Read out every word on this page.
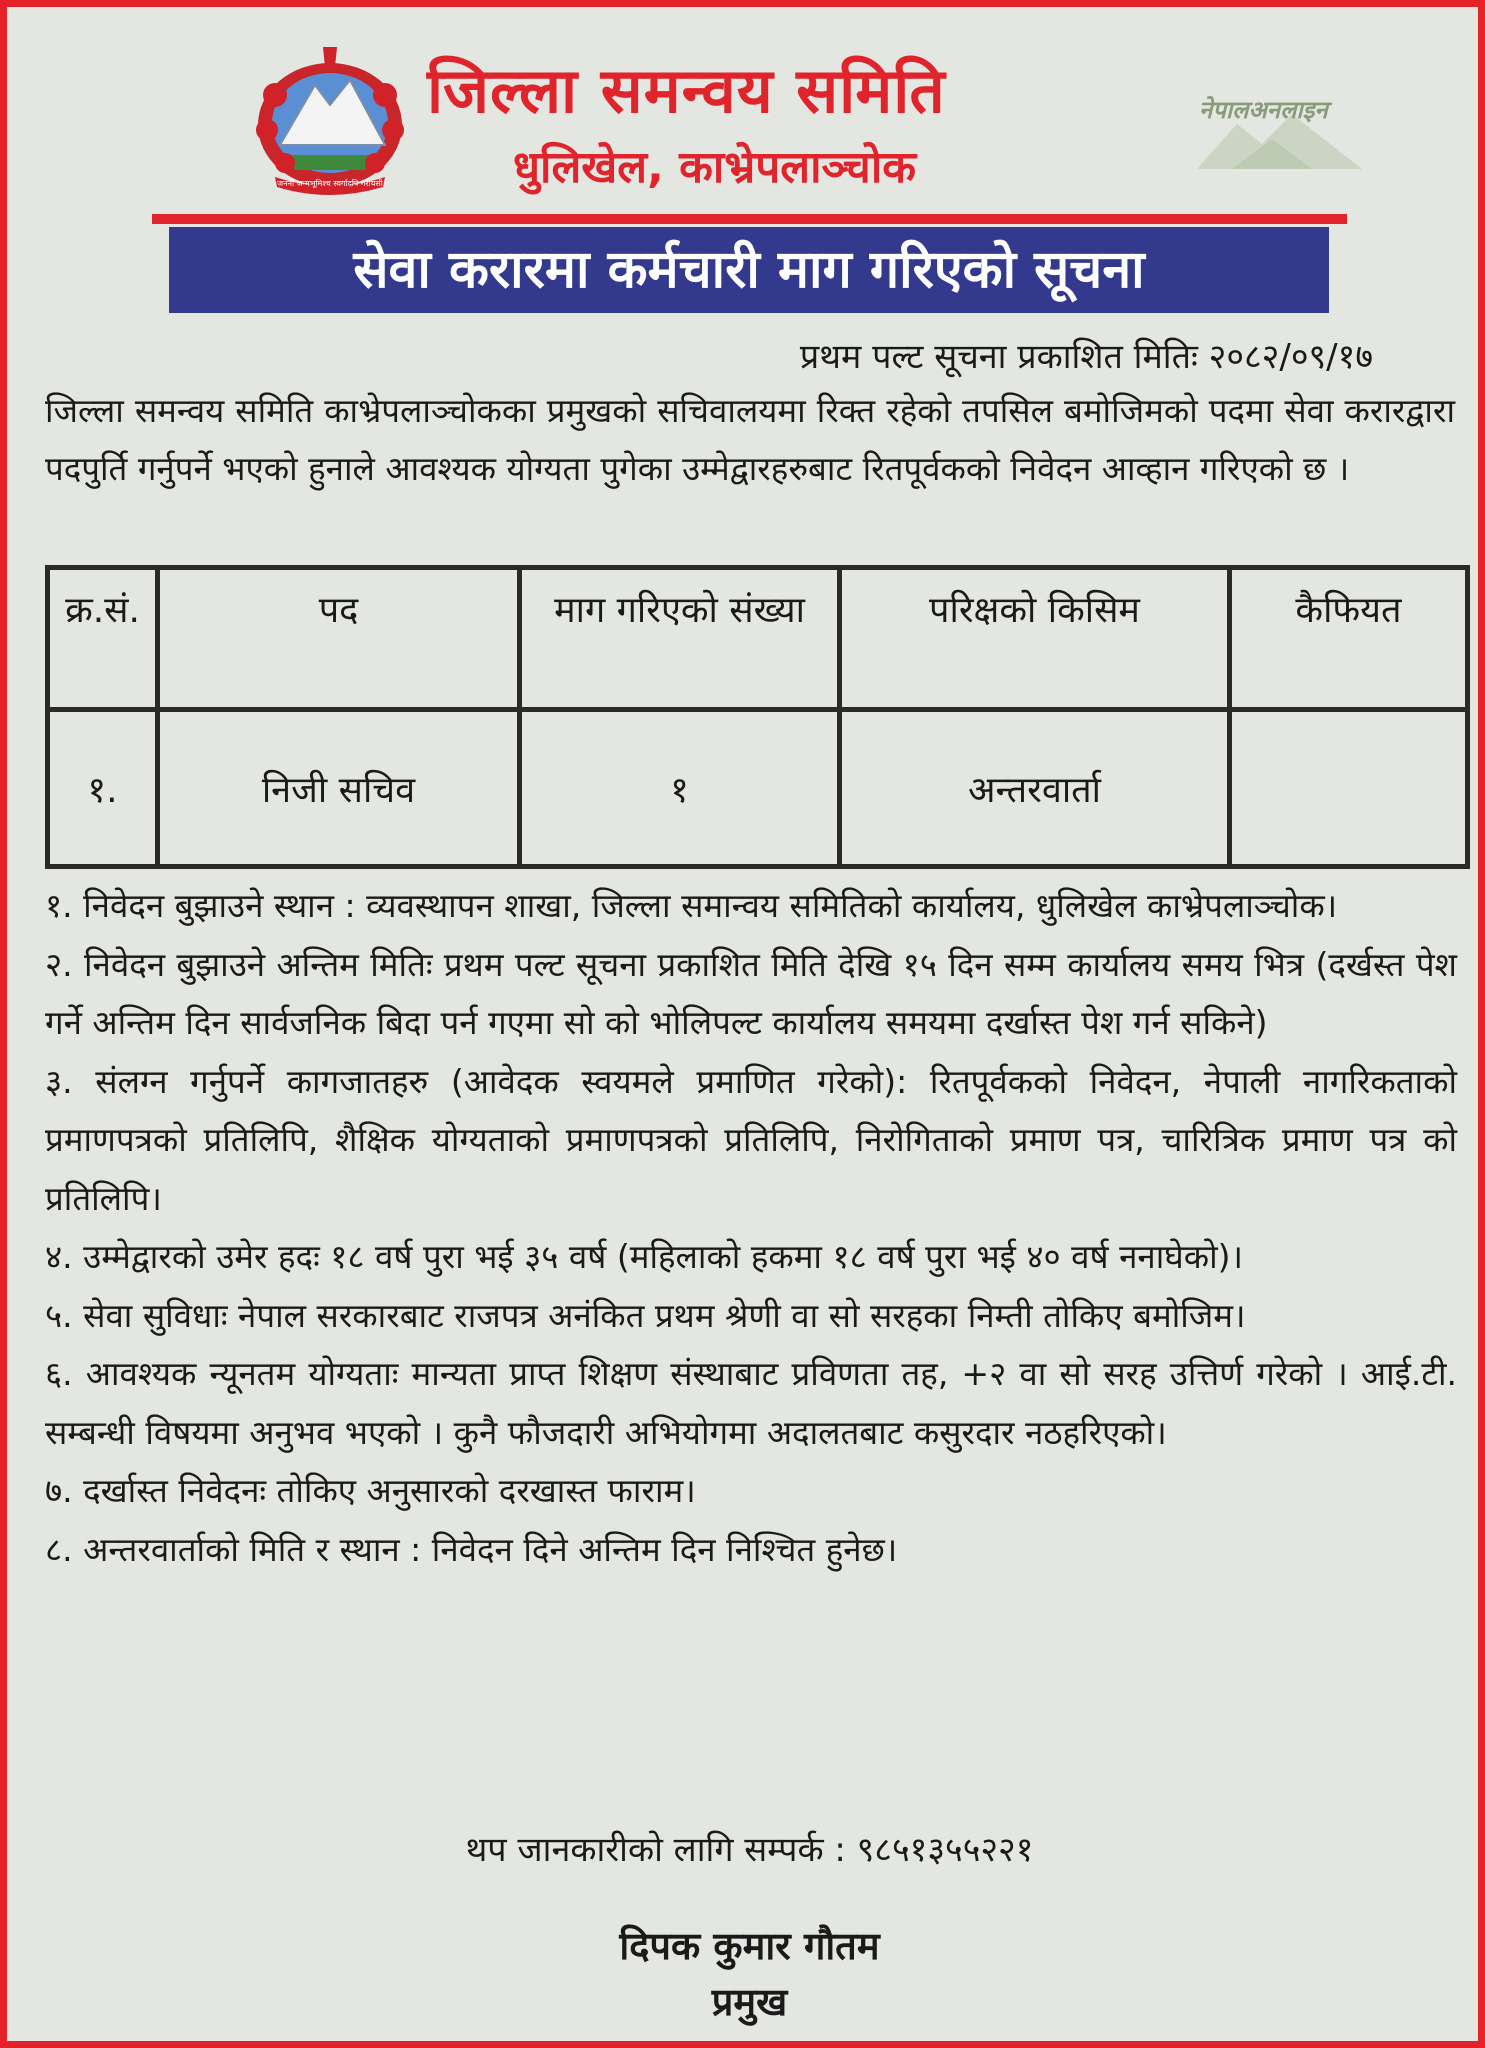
जननी जन्मभूमिश्च स्वर्गादपि गरीयसी
जिल्ला समन्वय समिति
धुलिखेल, काभ्रेपलाञ्चोक
नेपालअनलाइन
सेवा करारमा कर्मचारी माग गरिएको सूचना
प्रथम पल्ट सूचना प्रकाशित मितिः २०८२/०९/१७
जिल्ला समन्वय समिति काभ्रेपलाञ्चोकका प्रमुखको सचिवालयमा रिक्त रहेको तपसिल बमोजिमको पदमा सेवा करारद्वारा पदपुर्ति गर्नुपर्ने भएको हुनाले आवश्यक योग्यता पुगेका उम्मेद्वारहरुबाट रितपूर्वकको निवेदन आव्हान गरिएको छ ।
क्र.सं.	पद	माग गरिएको संख्या	परिक्षको किसिम	कैफियत
१.	निजी सचिव	१	अन्तरवार्ता	

१. निवेदन बुझाउने स्थान : व्यवस्थापन शाखा, जिल्ला समान्वय समितिको कार्यालय, धुलिखेल काभ्रेपलाञ्चोक।

२. निवेदन बुझाउने अन्तिम मितिः प्रथम पल्ट सूचना प्रकाशित मिति देखि १५ दिन सम्म कार्यालय समय भित्र (दर्खस्त पेश गर्ने अन्तिम दिन सार्वजनिक बिदा पर्न गएमा सो को भोलिपल्ट कार्यालय समयमा दर्खास्त पेश गर्न सकिने)

३. संलग्न गर्नुपर्ने कागजातहरु (आवेदक स्वयमले प्रमाणित गरेको): रितपूर्वकको निवेदन, नेपाली नागरिकताको प्रमाणपत्रको प्रतिलिपि, शैक्षिक योग्यताको प्रमाणपत्रको प्रतिलिपि, निरोगिताको प्रमाण पत्र, चारित्रिक प्रमाण पत्र को प्रतिलिपि।

४. उम्मेद्वारको उमेर हदः १८ वर्ष पुरा भई ३५ वर्ष (महिलाको हकमा १८ वर्ष पुरा भई ४० वर्ष ननाघेको)।

५. सेवा सुविधाः नेपाल सरकारबाट राजपत्र अनंकित प्रथम श्रेणी वा सो सरहका निम्ती तोकिए बमोजिम।

६. आवश्यक न्यूनतम योग्यताः मान्यता प्राप्त शिक्षण संस्थाबाट प्रविणता तह, +२ वा सो सरह उत्तिर्ण गरेको । आई.टी. सम्बन्धी विषयमा अनुभव भएको । कुनै फौजदारी अभियोगमा अदालतबाट कसुरदार नठहरिएको।

७. दर्खास्त निवेदनः तोकिए अनुसारको दरखास्त फाराम।

८. अन्तरवार्ताको मिति र स्थान : निवेदन दिने अन्तिम दिन निश्चित हुनेछ।

थप जानकारीको लागि सम्पर्क : ९८५१३५५२२१
दिपक कुमार गौतम
प्रमुख
